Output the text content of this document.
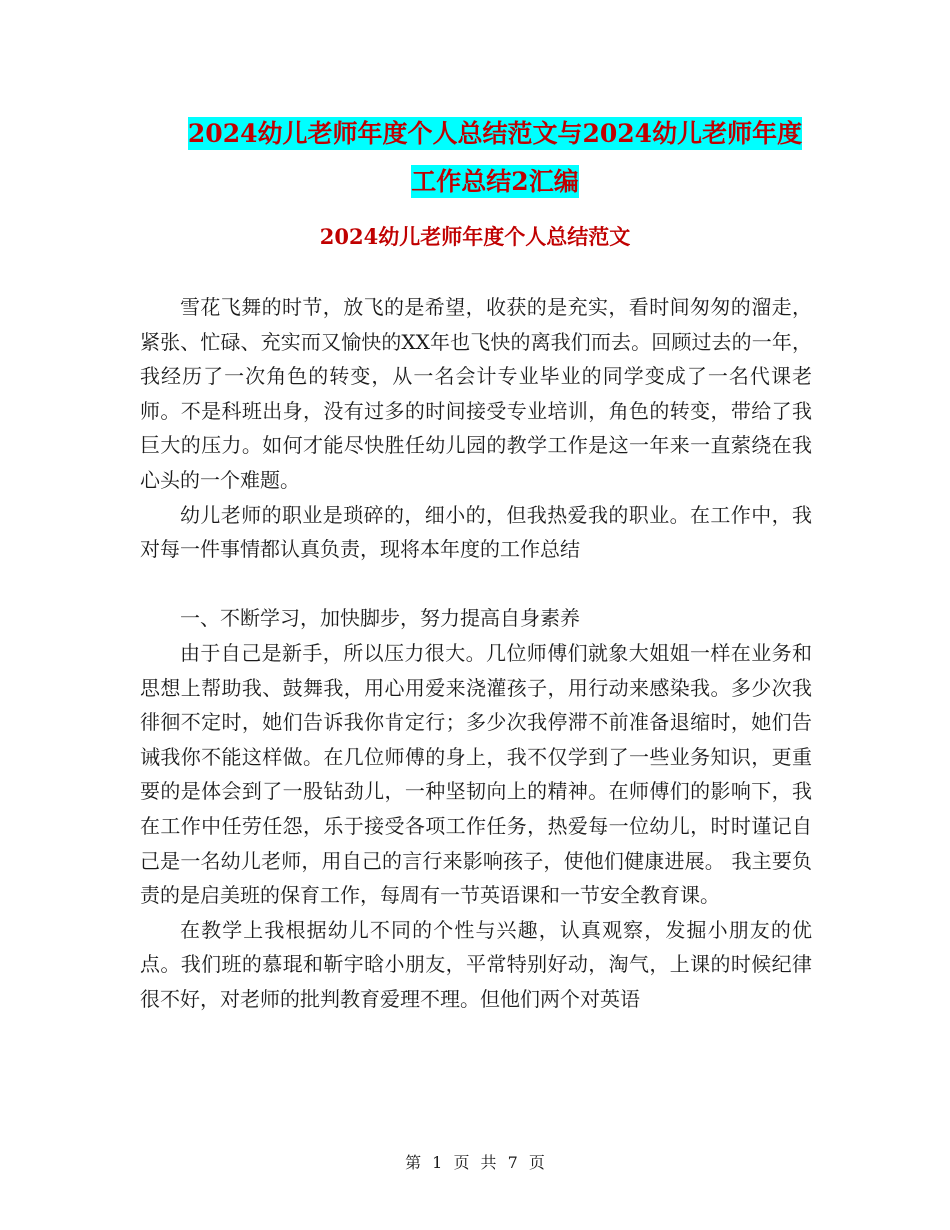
2024幼儿老师年度个人总结范文与2024幼儿老师年度
工作总结2汇编
2024幼儿老师年度个人总结范文

雪花飞舞的时节，放飞的是希望，收获的是充实，看时间匆匆的溜走，紧张、忙碌、充实而又愉快的XX年也飞快的离我们而去。回顾过去的一年，我经历了一次角色的转变，从一名会计专业毕业的同学变成了一名代课老师。不是科班出身，没有过多的时间接受专业培训，角色的转变，带给了我巨大的压力。如何才能尽快胜任幼儿园的教学工作是这一年来一直萦绕在我心头的一个难题。

幼儿老师的职业是琐碎的，细小的，但我热爱我的职业。在工作中，我对每一件事情都认真负责，现将本年度的工作总结

一、不断学习，加快脚步，努力提高自身素养

由于自己是新手，所以压力很大。几位师傅们就象大姐姐一样在业务和思想上帮助我、鼓舞我，用心用爱来浇灌孩子，用行动来感染我。多少次我徘徊不定时，她们告诉我你肯定行；多少次我停滞不前准备退缩时，她们告诫我你不能这样做。在几位师傅的身上，我不仅学到了一些业务知识，更重要的是体会到了一股钻劲儿，一种坚韧向上的精神。在师傅们的影响下，我在工作中任劳任怨，乐于接受各项工作任务，热爱每一位幼儿，时时谨记自己是一名幼儿老师，用自己的言行来影响孩子，使他们健康进展。 我主要负责的是启美班的保育工作，每周有一节英语课和一节安全教育课。

在教学上我根据幼儿不同的个性与兴趣，认真观察，发掘小朋友的优点。我们班的慕琨和靳宇晗小朋友，平常特别好动，淘气，上课的时候纪律很不好，对老师的批判教育爱理不理。但他们两个对英语

第 1 页 共 7 页
